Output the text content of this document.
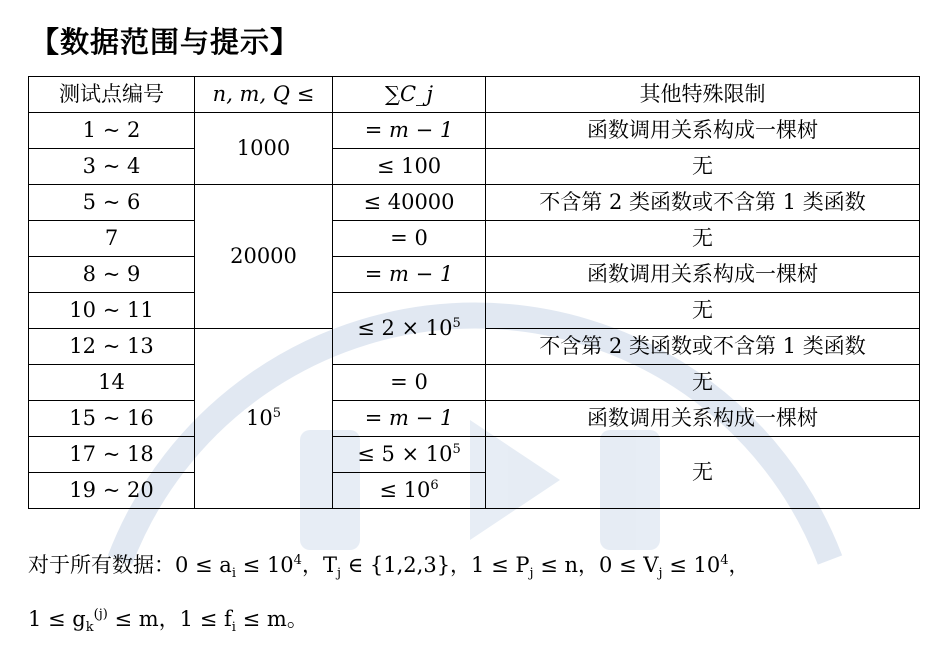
【数据范围与提示】
测试点编号	n, m, Q ≤	∑C_j	其他特殊限制
1 ~ 2	1000	= m − 1	函数调用关系构成一棵树
3 ~ 4		≤ 100	无
5 ~ 6	20000	≤ 40000	不含第 2 类函数或不含第 1 类函数
7		= 0	无
8 ~ 9		= m − 1	函数调用关系构成一棵树
10 ~ 11		≤ $2 \times 10^5$	无
12 ~ 13	$10^5$		不含第 2 类函数或不含第 1 类函数
14		= 0	无
15 ~ 16		= m − 1	函数调用关系构成一棵树
17 ~ 18		≤ $5 \times 10^5$	无
19 ~ 20		≤ $10^6$

对于所有数据：$0 \le a_i \le 10^4$，$T_j$ ∈ {1,2,3}，$1 \le P_j \le n$，$0 \le V_j \le 10^4$，

$1 \le g_k^{(j)} \le m$，$1 \le f_i \le m$。
